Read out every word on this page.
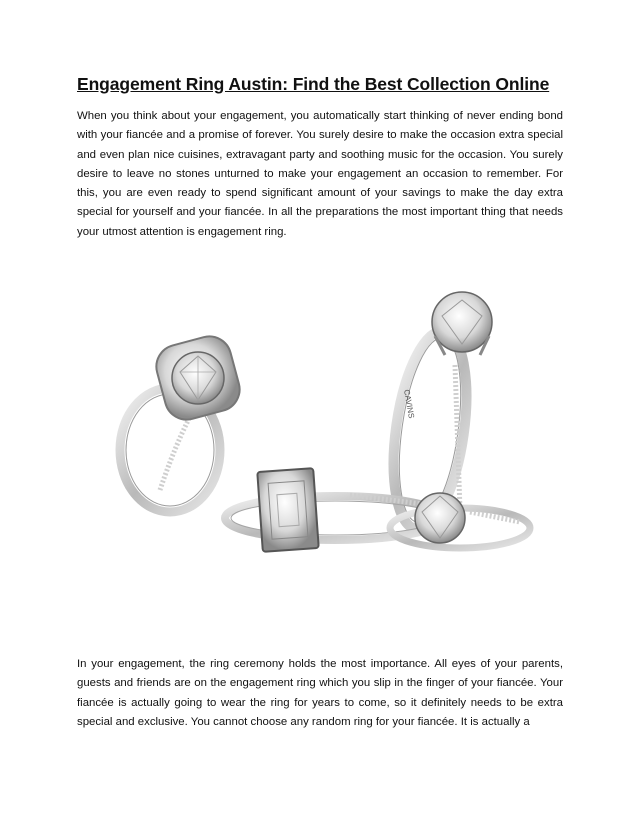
Engagement Ring Austin: Find the Best Collection Online

When you think about your engagement, you automatically start thinking of never ending bond with your fiancée and a promise of forever. You surely desire to make the occasion extra special and even plan nice cuisines, extravagant party and soothing music for the occasion. You surely desire to leave no stones unturned to make your engagement an occasion to remember. For this, you are even ready to spend significant amount of your savings to make the day extra special for yourself and your fiancée. In all the preparations the most important thing that needs your utmost attention is engagement ring.

CAVINS

In your engagement, the ring ceremony holds the most importance. All eyes of your parents, guests and friends are on the engagement ring which you slip in the finger of your fiancée. Your fiancée is actually going to wear the ring for years to come, so it definitely needs to be extra special and exclusive. You cannot choose any random ring for your fiancée. It is actually a
